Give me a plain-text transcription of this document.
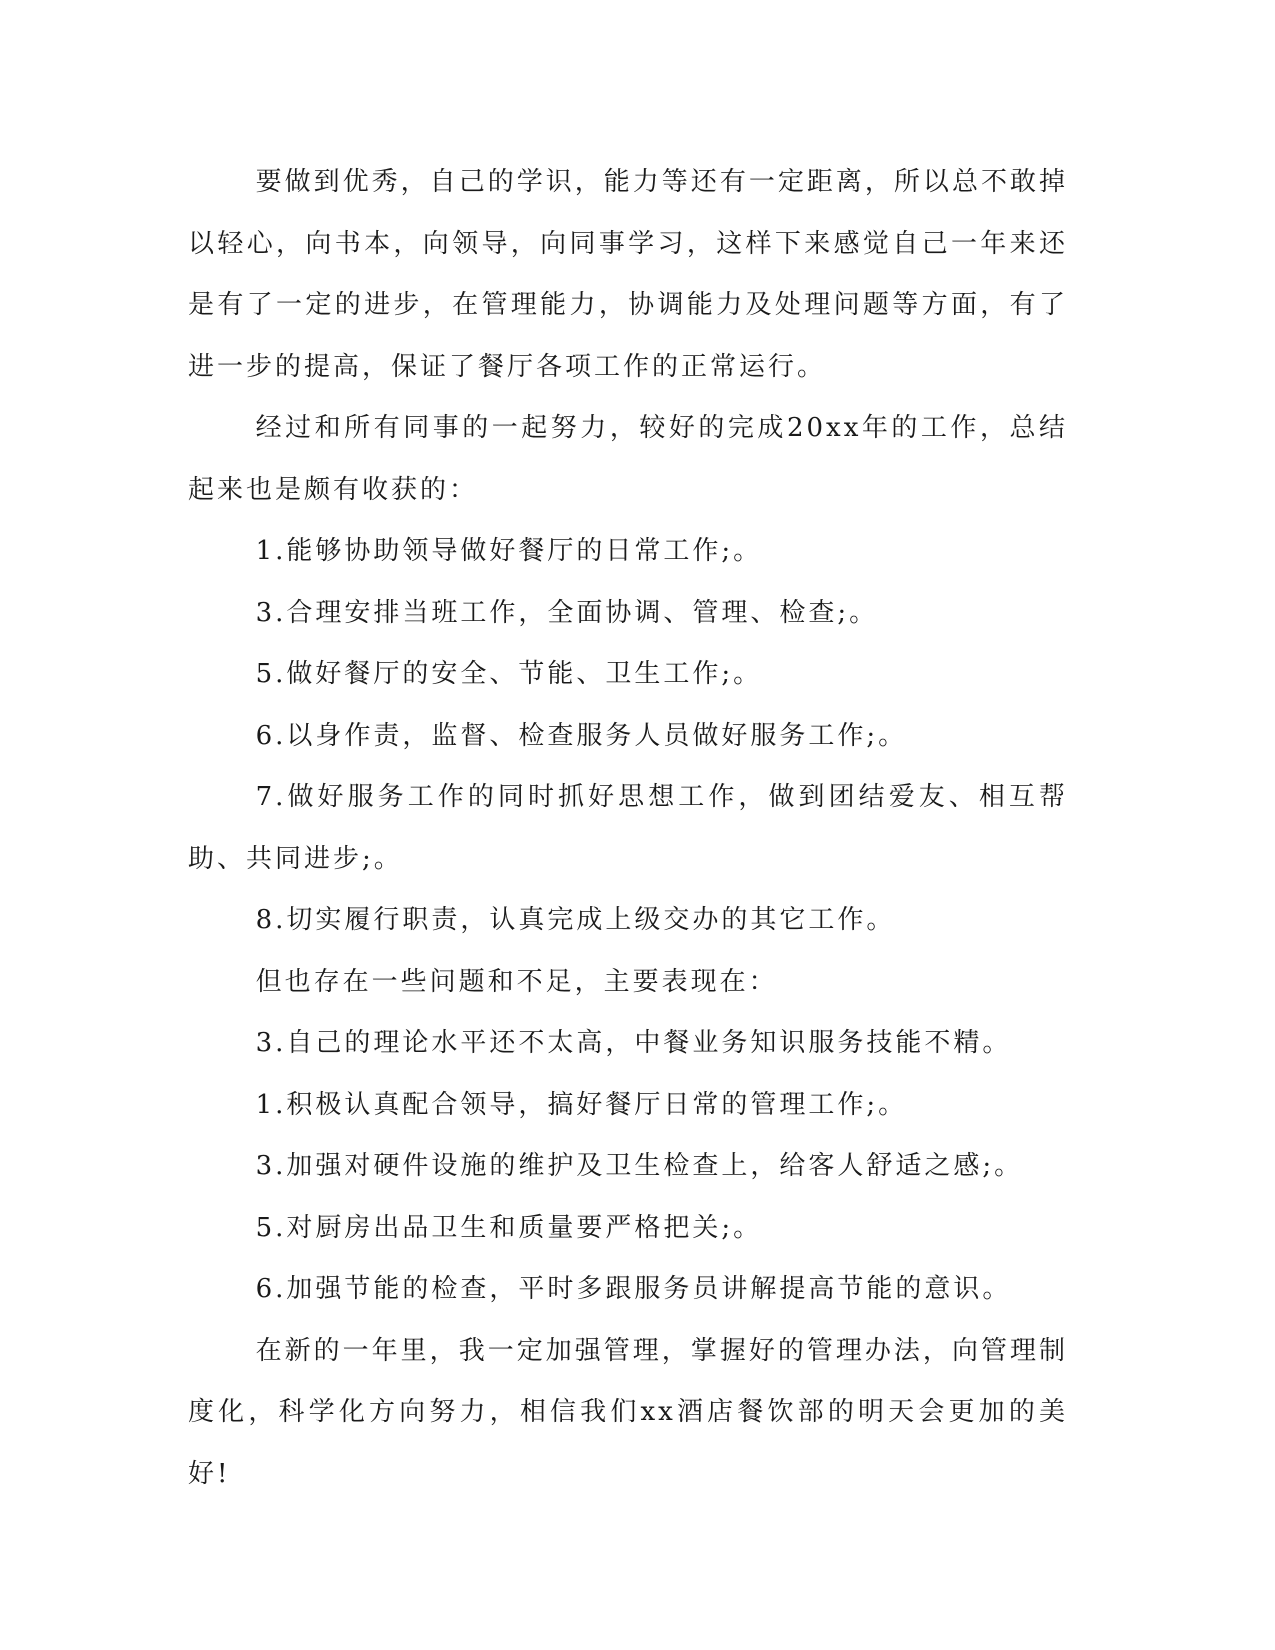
要做到优秀，自己的学识，能力等还有一定距离，所以总不敢掉以轻心，向书本，向领导，向同事学习，这样下来感觉自己一年来还是有了一定的进步，在管理能力，协调能力及处理问题等方面，有了进一步的提高，保证了餐厅各项工作的正常运行。

经过和所有同事的一起努力，较好的完成20xx年的工作，总结起来也是颇有收获的：

1.能够协助领导做好餐厅的日常工作;。

3.合理安排当班工作，全面协调、管理、检查;。

5.做好餐厅的安全、节能、卫生工作;。

6.以身作责，监督、检查服务人员做好服务工作;。

7.做好服务工作的同时抓好思想工作，做到团结爱友、相互帮助、共同进步;。

8.切实履行职责，认真完成上级交办的其它工作。

但也存在一些问题和不足，主要表现在：

3.自己的理论水平还不太高，中餐业务知识服务技能不精。

1.积极认真配合领导，搞好餐厅日常的管理工作;。

3.加强对硬件设施的维护及卫生检查上，给客人舒适之感;。

5.对厨房出品卫生和质量要严格把关;。

6.加强节能的检查，平时多跟服务员讲解提高节能的意识。

在新的一年里，我一定加强管理，掌握好的管理办法，向管理制度化，科学化方向努力，相信我们xx酒店餐饮部的明天会更加的美好!
